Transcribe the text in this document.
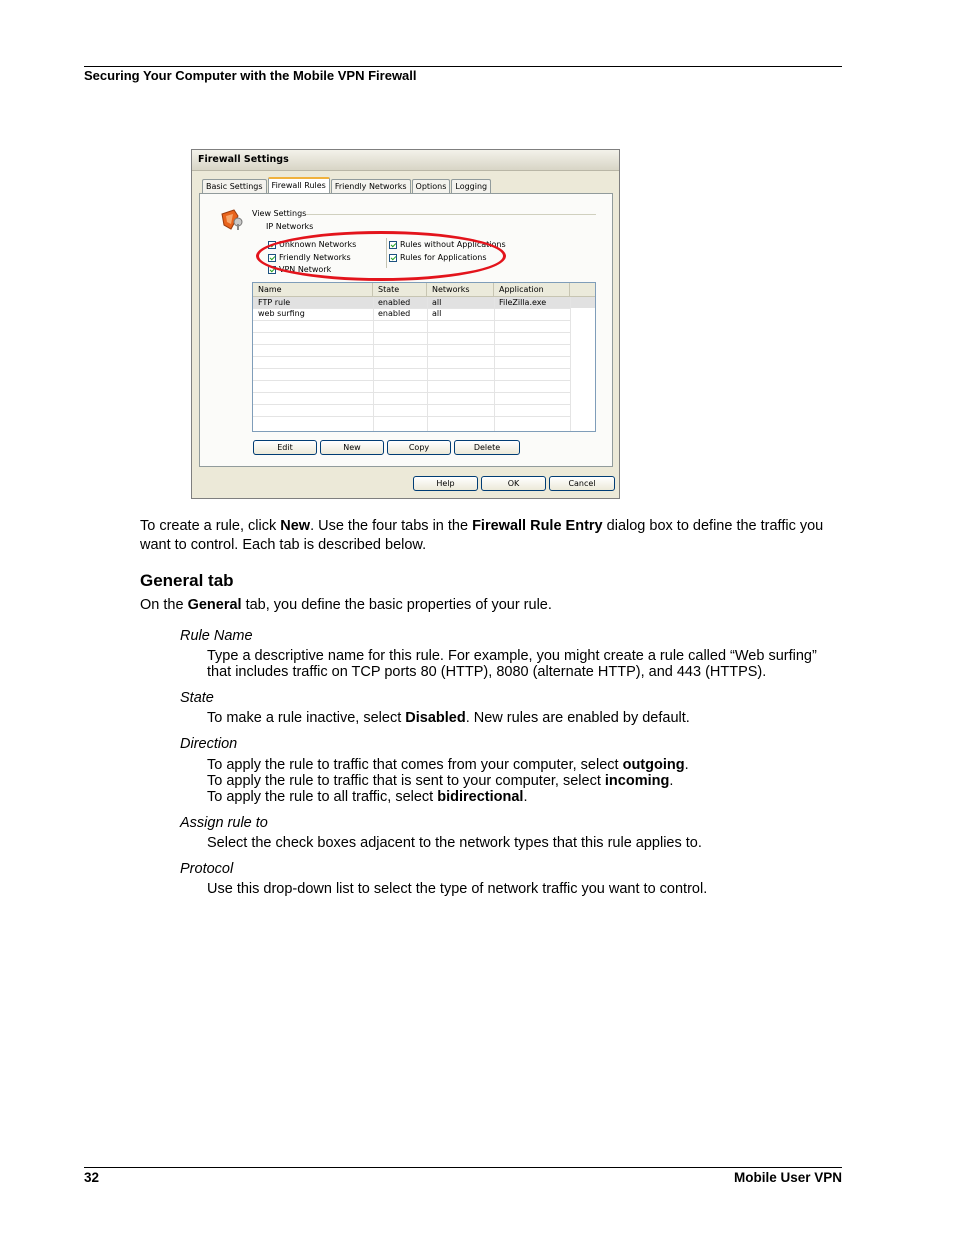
Securing Your Computer with the Mobile VPN Firewall
Firewall Settings
Basic Settings	Firewall Rules	Friendly Networks	Options	Logging
View Settings
IP Networks
Unknown Networks
Friendly Networks
VPN Network
Rules without Applications
Rules for Applications
Name	State	Networks	Application
FTP rule	enabled	all	FileZilla.exe
web surfing	enabled	all
Edit	New	Copy	Delete
Help	OK	Cancel
To create a rule, click New. Use the four tabs in the Firewall Rule Entry dialog box to define the traffic you want to control. Each tab is described below.
General tab
On the General tab, you define the basic properties of your rule.
Rule Name
Type a descriptive name for this rule. For example, you might create a rule called “Web surfing” that includes traffic on TCP ports 80 (HTTP), 8080 (alternate HTTP), and 443 (HTTPS).
State
To make a rule inactive, select Disabled. New rules are enabled by default.
Direction
To apply the rule to traffic that comes from your computer, select outgoing.
To apply the rule to traffic that is sent to your computer, select incoming.
To apply the rule to all traffic, select bidirectional.
Assign rule to
Select the check boxes adjacent to the network types that this rule applies to.
Protocol
Use this drop-down list to select the type of network traffic you want to control.
32	Mobile User VPN
